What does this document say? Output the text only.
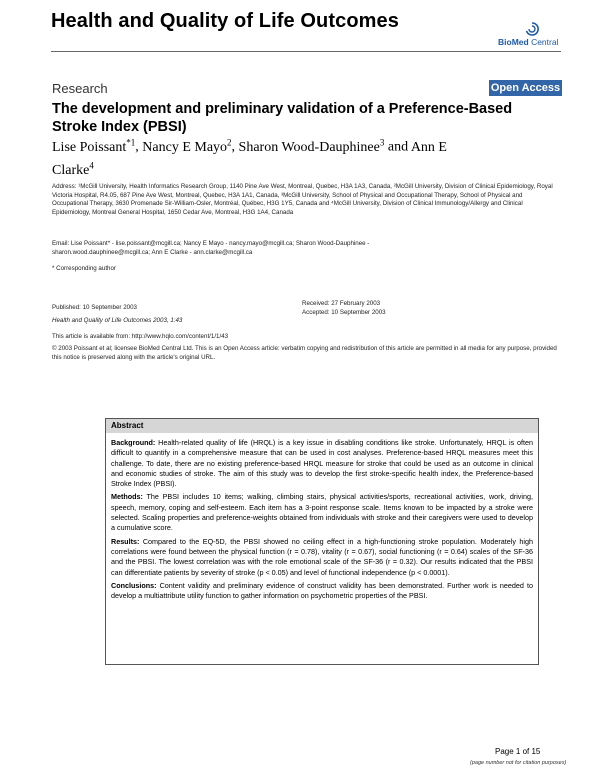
Health and Quality of Life Outcomes
BioMed Central
Research	Open Access
The development and preliminary validation of a Preference-Based Stroke Index (PBSI)
Lise Poissant$^{*1}$, Nancy E Mayo$^2$, Sharon Wood-Dauphinee$^3$ and Ann E Clarke$^4$
Address: ¹McGill University, Health Informatics Research Group, 1140 Pine Ave West, Montreal, Quebec, H3A 1A3, Canada, ²McGill University, Division of Clinical Epidemiology, Royal Victoria Hospital, R4.05, 687 Pine Ave West, Montreal, Quebec, H3A 1A1, Canada, ³McGill University, School of Physical and Occupational Therapy, School of Physical and Occupational Therapy, 3630 Promenade Sir-William-Osler, Montréal, Québec, H3G 1Y5, Canada and ⁴McGill University, Division of Clinical Immunology/Allergy and Clinical Epidemiology, Montreal General Hospital, 1650 Cedar Ave, Montreal, H3G 1A4, Canada
Email: Lise Poissant* - lise.poissant@mcgill.ca; Nancy E Mayo - nancy.mayo@mcgill.ca; Sharon Wood-Dauphinee - sharon.wood.dauphinee@mcgill.ca; Ann E Clarke - ann.clarke@mcgill.ca
* Corresponding author
Published: 10 September 2003
Health and Quality of Life Outcomes 2003, 1:43
Received: 27 February 2003
Accepted: 10 September 2003
This article is available from: http://www.hqlo.com/content/1/1/43
© 2003 Poissant et al; licensee BioMed Central Ltd. This is an Open Access article: verbatim copying and redistribution of this article are permitted in all media for any purpose, provided this notice is preserved along with the article's original URL.
Abstract

Background: Health-related quality of life (HRQL) is a key issue in disabling conditions like stroke. Unfortunately, HRQL is often difficult to quantify in a comprehensive measure that can be used in cost analyses. Preference-based HRQL measures meet this challenge. To date, there are no existing preference-based HRQL measure for stroke that could be used as an outcome in clinical and economic studies of stroke. The aim of this study was to develop the first stroke-specific health index, the Preference-based Stroke Index (PBSI).

Methods: The PBSI includes 10 items; walking, climbing stairs, physical activities/sports, recreational activities, work, driving, speech, memory, coping and self-esteem. Each item has a 3-point response scale. Items known to be impacted by a stroke were selected. Scaling properties and preference-weights obtained from individuals with stroke and their caregivers were used to develop a cumulative score.

Results: Compared to the EQ-5D, the PBSI showed no ceiling effect in a high-functioning stroke population. Moderately high correlations were found between the physical function (r = 0.78), vitality (r = 0.67), social functioning (r = 0.64) scales of the SF-36 and the PBSI. The lowest correlation was with the role emotional scale of the SF-36 (r = 0.32). Our results indicated that the PBSI can differentiate patients by severity of stroke (p < 0.05) and level of functional independence (p < 0.0001).

Conclusions: Content validity and preliminary evidence of construct validity has been demonstrated. Further work is needed to develop a multiattribute utility function to gather information on psychometric properties of the PBSI.

Page 1 of 15
(page number not for citation purposes)
